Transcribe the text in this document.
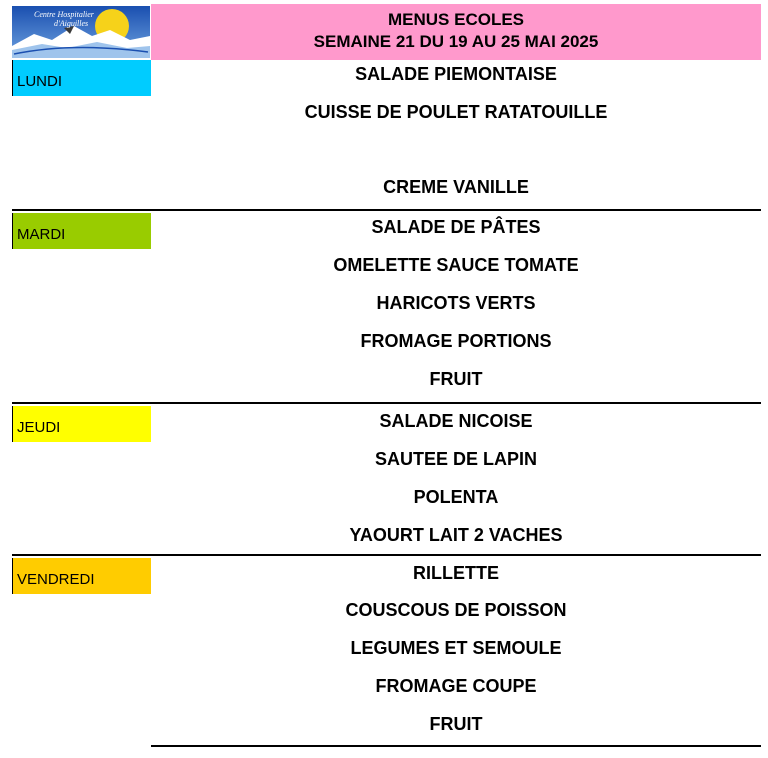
Centre Hospitalier
d'Aiguilles	MENUS ECOLES
SEMAINE 21 DU 19 AU 25 MAI 2025
LUNDI	SALADE PIEMONTAISE
CUISSE DE POULET RATATOUILLE
CREME VANILLE
MARDI	SALADE DE PÂTES
OMELETTE SAUCE TOMATE
HARICOTS VERTS
FROMAGE PORTIONS
FRUIT
JEUDI	SALADE NICOISE
SAUTEE DE LAPIN
POLENTA
YAOURT LAIT 2 VACHES
VENDREDI	RILLETTE
COUSCOUS DE POISSON
LEGUMES ET SEMOULE
FROMAGE COUPE
FRUIT
